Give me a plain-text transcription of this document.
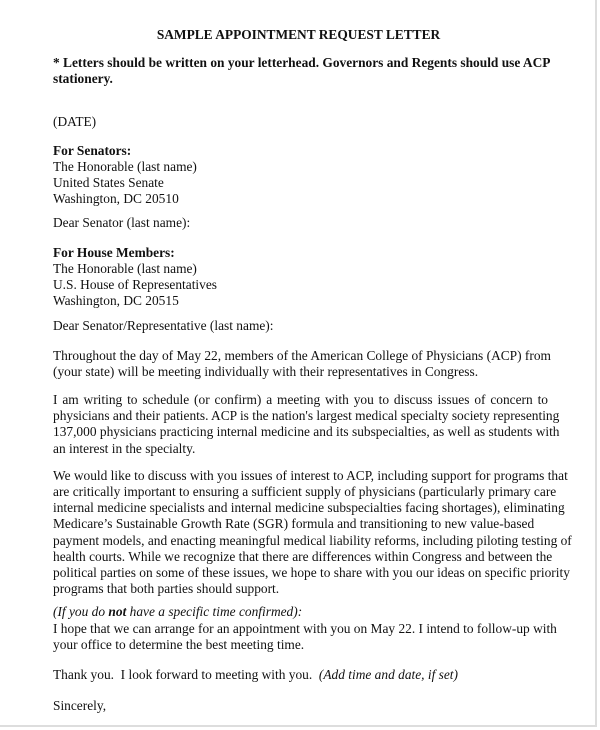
SAMPLE APPOINTMENT REQUEST LETTER
* Letters should be written on your letterhead. Governors and Regents should use ACP
stationery.
(DATE)
For Senators:
The Honorable (last name)
United States Senate
Washington, DC 20510
Dear Senator (last name):
For House Members:
The Honorable (last name)
U.S. House of Representatives
Washington, DC 20515
Dear Senator/Representative (last name):
Throughout the day of May 22, members of the American College of Physicians (ACP) from
(your state) will be meeting individually with their representatives in Congress.
I am writing to schedule (or confirm) a meeting with you to discuss issues of concern to
physicians and their patients. ACP is the nation's largest medical specialty society representing
137,000 physicians practicing internal medicine and its subspecialties, as well as students with
an interest in the specialty.
We would like to discuss with you issues of interest to ACP, including support for programs that
are critically important to ensuring a sufficient supply of physicians (particularly primary care
internal medicine specialists and internal medicine subspecialties facing shortages), eliminating
Medicare’s Sustainable Growth Rate (SGR) formula and transitioning to new value-based
payment models, and enacting meaningful medical liability reforms, including piloting testing of
health courts. While we recognize that there are differences within Congress and between the
political parties on some of these issues, we hope to share with you our ideas on specific priority
programs that both parties should support.
(If you do not have a specific time confirmed):
I hope that we can arrange for an appointment with you on May 22. I intend to follow-up with
your office to determine the best meeting time.
Thank you.  I look forward to meeting with you.  (Add time and date, if set)
Sincerely,
